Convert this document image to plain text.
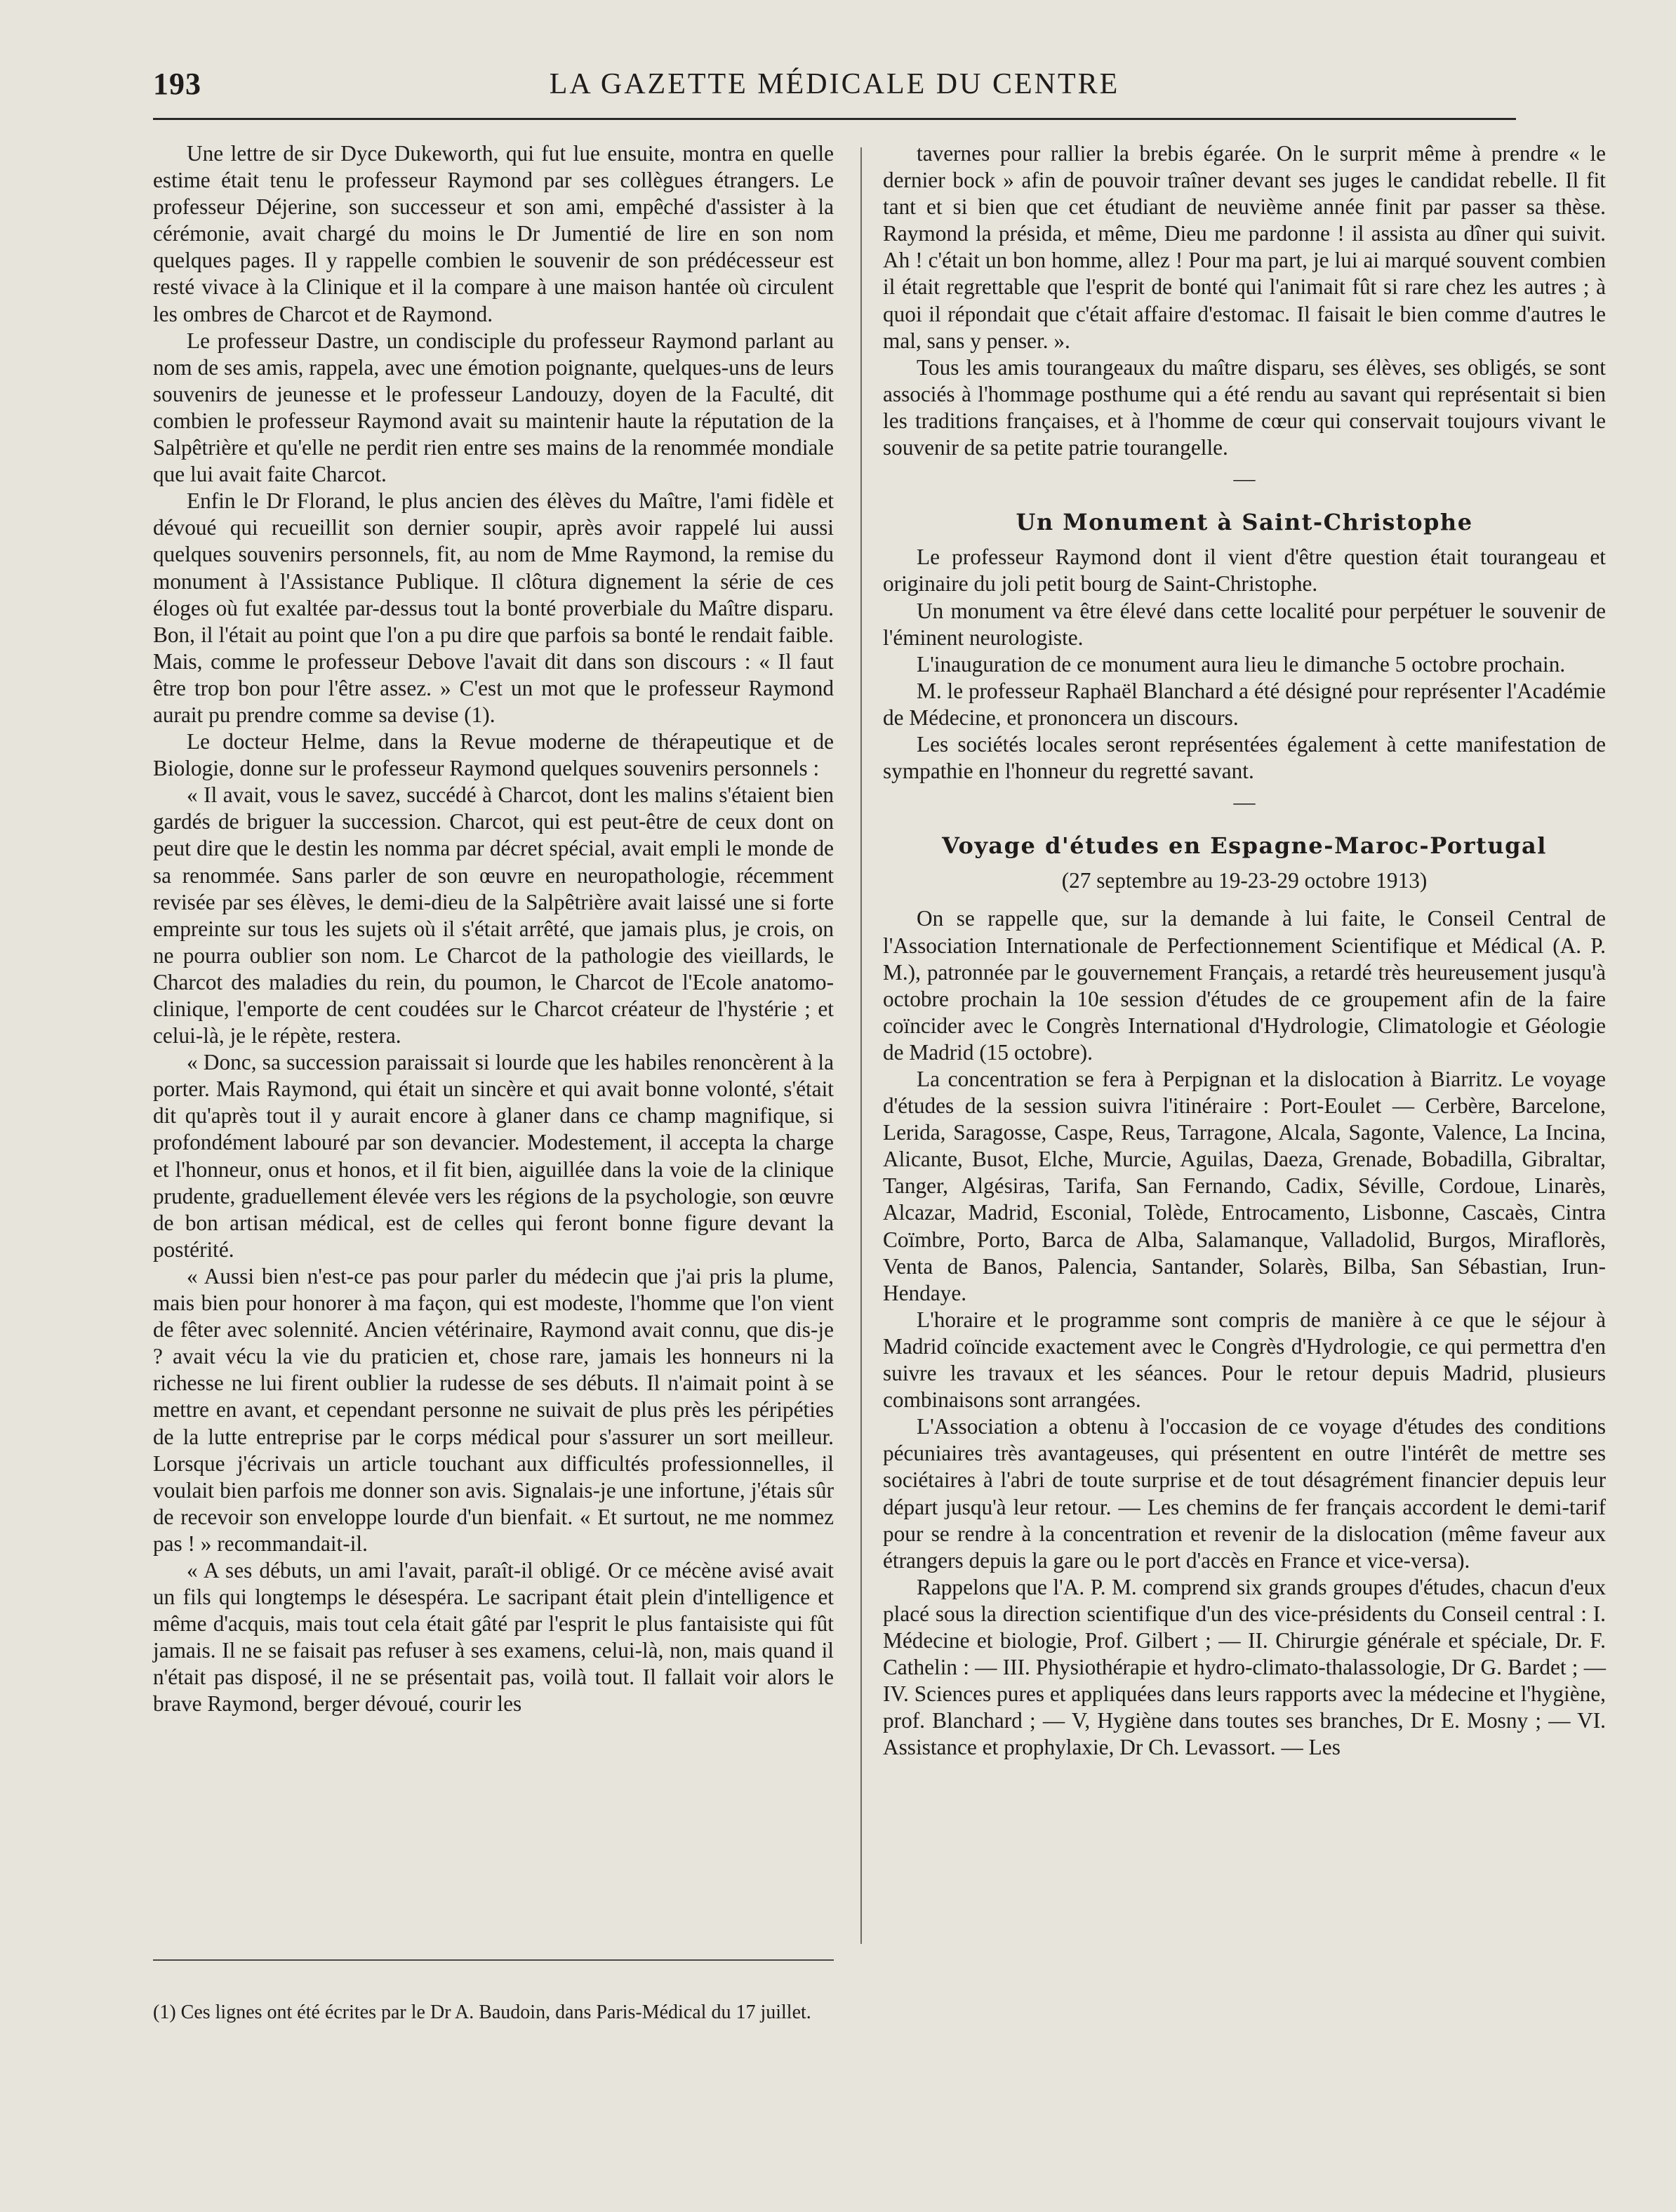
193	LA GAZETTE MÉDICALE DU CENTRE

Une lettre de sir Dyce Dukeworth, qui fut lue ensuite, montra en quelle estime était tenu le professeur Raymond par ses collègues étrangers. Le professeur Déjerine, son successeur et son ami, empêché d'assister à la cérémonie, avait chargé du moins le Dr Jumentié de lire en son nom quelques pages. Il y rappelle combien le souvenir de son prédécesseur est resté vivace à la Clinique et il la compare à une maison hantée où circulent les ombres de Charcot et de Raymond.

Le professeur Dastre, un condisciple du professeur Raymond parlant au nom de ses amis, rappela, avec une émotion poignante, quelques-uns de leurs souvenirs de jeunesse et le professeur Landouzy, doyen de la Faculté, dit combien le professeur Raymond avait su maintenir haute la réputation de la Salpêtrière et qu'elle ne perdit rien entre ses mains de la renommée mondiale que lui avait faite Charcot.

Enfin le Dr Florand, le plus ancien des élèves du Maître, l'ami fidèle et dévoué qui recueillit son dernier soupir, après avoir rappelé lui aussi quelques souvenirs personnels, fit, au nom de Mme Raymond, la remise du monument à l'Assistance Publique. Il clôtura dignement la série de ces éloges où fut exaltée par-dessus tout la bonté proverbiale du Maître disparu. Bon, il l'était au point que l'on a pu dire que parfois sa bonté le rendait faible. Mais, comme le professeur Debove l'avait dit dans son discours : « Il faut être trop bon pour l'être assez. » C'est un mot que le professeur Raymond aurait pu prendre comme sa devise (1).

Le docteur Helme, dans la Revue moderne de thérapeutique et de Biologie, donne sur le professeur Raymond quelques souvenirs personnels :

« Il avait, vous le savez, succédé à Charcot, dont les malins s'étaient bien gardés de briguer la succession. Charcot, qui est peut-être de ceux dont on peut dire que le destin les nomma par décret spécial, avait empli le monde de sa renommée. Sans parler de son œuvre en neuropathologie, récemment revisée par ses élèves, le demi-dieu de la Salpêtrière avait laissé une si forte empreinte sur tous les sujets où il s'était arrêté, que jamais plus, je crois, on ne pourra oublier son nom. Le Charcot de la pathologie des vieillards, le Charcot des maladies du rein, du poumon, le Charcot de l'Ecole anatomo-clinique, l'emporte de cent coudées sur le Charcot créateur de l'hystérie ; et celui-là, je le répète, restera.

« Donc, sa succession paraissait si lourde que les habiles renoncèrent à la porter. Mais Raymond, qui était un sincère et qui avait bonne volonté, s'était dit qu'après tout il y aurait encore à glaner dans ce champ magnifique, si profondément labouré par son devancier. Modestement, il accepta la charge et l'honneur, onus et honos, et il fit bien, aiguillée dans la voie de la clinique prudente, graduellement élevée vers les régions de la psychologie, son œuvre de bon artisan médical, est de celles qui feront bonne figure devant la postérité.

« Aussi bien n'est-ce pas pour parler du médecin que j'ai pris la plume, mais bien pour honorer à ma façon, qui est modeste, l'homme que l'on vient de fêter avec solennité. Ancien vétérinaire, Raymond avait connu, que dis-je ? avait vécu la vie du praticien et, chose rare, jamais les honneurs ni la richesse ne lui firent oublier la rudesse de ses débuts. Il n'aimait point à se mettre en avant, et cependant personne ne suivait de plus près les péripéties de la lutte entreprise par le corps médical pour s'assurer un sort meilleur. Lorsque j'écrivais un article touchant aux difficultés professionnelles, il voulait bien parfois me donner son avis. Signalais-je une infortune, j'étais sûr de recevoir son enveloppe lourde d'un bienfait. « Et surtout, ne me nommez pas ! » recommandait-il.

« A ses débuts, un ami l'avait, paraît-il obligé. Or ce mécène avisé avait un fils qui longtemps le désespéra. Le sacripant était plein d'intelligence et même d'acquis, mais tout cela était gâté par l'esprit le plus fantaisiste qui fût jamais. Il ne se faisait pas refuser à ses examens, celui-là, non, mais quand il n'était pas disposé, il ne se présentait pas, voilà tout. Il fallait voir alors le brave Raymond, berger dévoué, courir les

tavernes pour rallier la brebis égarée. On le surprit même à prendre « le dernier bock » afin de pouvoir traîner devant ses juges le candidat rebelle. Il fit tant et si bien que cet étudiant de neuvième année finit par passer sa thèse. Raymond la présida, et même, Dieu me pardonne ! il assista au dîner qui suivit. Ah ! c'était un bon homme, allez ! Pour ma part, je lui ai marqué souvent combien il était regrettable que l'esprit de bonté qui l'animait fût si rare chez les autres ; à quoi il répondait que c'était affaire d'estomac. Il faisait le bien comme d'autres le mal, sans y penser. ».

Tous les amis tourangeaux du maître disparu, ses élèves, ses obligés, se sont associés à l'hommage posthume qui a été rendu au savant qui représentait si bien les traditions françaises, et à l'homme de cœur qui conservait toujours vivant le souvenir de sa petite patrie tourangelle.

—
Un Monument à Saint-Christophe

Le professeur Raymond dont il vient d'être question était tourangeau et originaire du joli petit bourg de Saint-Christophe.

Un monument va être élevé dans cette localité pour perpétuer le souvenir de l'éminent neurologiste.

L'inauguration de ce monument aura lieu le dimanche 5 octobre prochain.

M. le professeur Raphaël Blanchard a été désigné pour représenter l'Académie de Médecine, et prononcera un discours.

Les sociétés locales seront représentées également à cette manifestation de sympathie en l'honneur du regretté savant.

—
Voyage d'études en Espagne-Maroc-Portugal

(27 septembre au 19-23-29 octobre 1913)

On se rappelle que, sur la demande à lui faite, le Conseil Central de l'Association Internationale de Perfectionnement Scientifique et Médical (A. P. M.), patronnée par le gouvernement Français, a retardé très heureusement jusqu'à octobre prochain la 10e session d'études de ce groupement afin de la faire coïncider avec le Congrès International d'Hydrologie, Climatologie et Géologie de Madrid (15 octobre).

La concentration se fera à Perpignan et la dislocation à Biarritz. Le voyage d'études de la session suivra l'itinéraire : Port-Eoulet — Cerbère, Barcelone, Lerida, Saragosse, Caspe, Reus, Tarragone, Alcala, Sagonte, Valence, La Incina, Alicante, Busot, Elche, Murcie, Aguilas, Daeza, Grenade, Bobadilla, Gibraltar, Tanger, Algésiras, Tarifa, San Fernando, Cadix, Séville, Cordoue, Linarès, Alcazar, Madrid, Esconial, Tolède, Entrocamento, Lisbonne, Cascaès, Cintra Coïmbre, Porto, Barca de Alba, Salamanque, Valladolid, Burgos, Miraflorès, Venta de Banos, Palencia, Santander, Solarès, Bilba, San Sébastian, Irun-Hendaye.

L'horaire et le programme sont compris de manière à ce que le séjour à Madrid coïncide exactement avec le Congrès d'Hydrologie, ce qui permettra d'en suivre les travaux et les séances. Pour le retour depuis Madrid, plusieurs combinaisons sont arrangées.

L'Association a obtenu à l'occasion de ce voyage d'études des conditions pécuniaires très avantageuses, qui présentent en outre l'intérêt de mettre ses sociétaires à l'abri de toute surprise et de tout désagrément financier depuis leur départ jusqu'à leur retour. — Les chemins de fer français accordent le demi-tarif pour se rendre à la concentration et revenir de la dislocation (même faveur aux étrangers depuis la gare ou le port d'accès en France et vice-versa).

Rappelons que l'A. P. M. comprend six grands groupes d'études, chacun d'eux placé sous la direction scientifique d'un des vice-présidents du Conseil central : I. Médecine et biologie, Prof. Gilbert ; — II. Chirurgie générale et spéciale, Dr. F. Cathelin : — III. Physiothérapie et hydro-climato-thalassologie, Dr G. Bardet ; — IV. Sciences pures et appliquées dans leurs rapports avec la médecine et l'hygiène, prof. Blanchard ; — V, Hygiène dans toutes ses branches, Dr E. Mosny ; — VI. Assistance et prophylaxie, Dr Ch. Levassort. — Les

(1) Ces lignes ont été écrites par le Dr A. Baudoin, dans Paris-Médical du 17 juillet.
